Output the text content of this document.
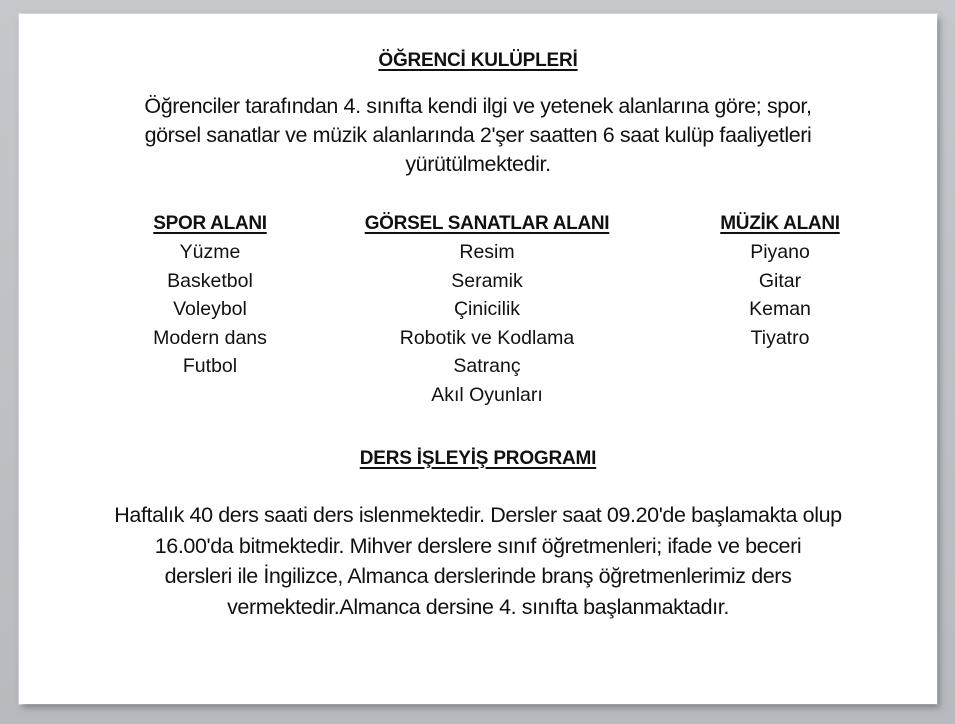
ÖĞRENCİ KULÜPLERİ
Öğrenciler tarafından 4. sınıfta kendi ilgi ve yetenek alanlarına göre; spor,
görsel sanatlar ve müzik alanlarında 2'şer saatten 6 saat kulüp faaliyetleri
yürütülmektedir.
SPOR ALANI
Yüzme
Basketbol
Voleybol
Modern dans
Futbol
GÖRSEL SANATLAR ALANI
Resim
Seramik
Çinicilik
Robotik ve Kodlama
Satranç
Akıl Oyunları
MÜZİK ALANI
Piyano
Gitar
Keman
Tiyatro
DERS İŞLEYİŞ PROGRAMI
Haftalık 40 ders saati ders islenmektedir. Dersler saat 09.20'de başlamakta olup
16.00'da bitmektedir. Mihver derslere sınıf öğretmenleri; ifade ve beceri
dersleri ile İngilizce, Almanca derslerinde branş öğretmenlerimiz ders
vermektedir.Almanca dersine 4. sınıfta başlanmaktadır.
